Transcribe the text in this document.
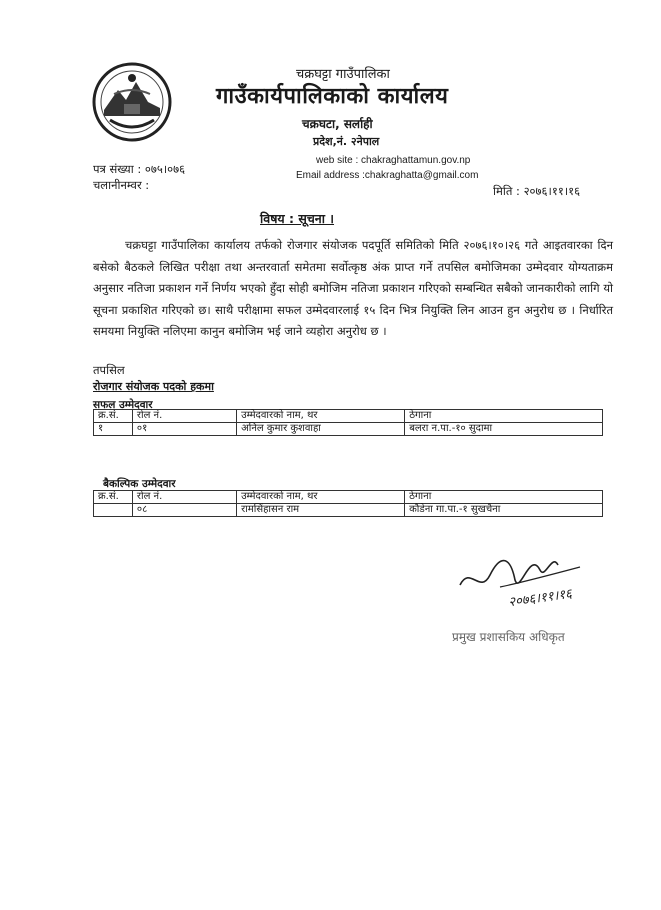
चक्रघट्टा गाउँपालिका
गाउँकार्यपालिकाको कार्यालय
चक्रघटा, सर्लाही
प्रदेश,नं. २नेपाल
web site : chakraghattamun.gov.np
Email address :chakraghatta@gmail.com
पत्र संख्या : ०७५।०७६
चलानीनम्वर :	मिति : २०७६।११।१६
विषय : सूचना ।

चक्रघट्टा गाउँपालिका कार्यालय तर्फको रोजगार संयोजक पदपूर्ति समितिको मिति २०७६।१०।२६ गते आइतवारका दिन बसेको बैठकले लिखित परीक्षा तथा अन्तरवार्ता समेतमा सर्वोत्कृष्ठ अंक प्राप्त गर्ने तपसिल बमोजिमका उम्मेदवार योग्यताक्रम अनुसार नतिजा प्रकाशन गर्ने निर्णय भएको हुँदा सोही बमोजिम नतिजा प्रकाशन गरिएको सम्बन्धित सबैको जानकारीको लागि यो सूचना प्रकाशित गरिएको छ। साथै परीक्षामा सफल उम्मेदवारलाई १५ दिन भित्र नियुक्ति लिन आउन हुन अनुरोध छ । निर्धारित समयमा नियुक्ति नलिएमा कानुन बमोजिम भई जाने व्यहोरा अनुरोध छ ।

तपसिल
रोजगार संयोजक पदको हकमा
सफल उम्मेदवार
क्र.सं.	रोल नं.	उम्मेदवारको नाम, थर	ठेगाना
१	०१	अनिल कुमार कुशवाहा	बलरा न.पा.-१० सुदामा
बैकल्पिक उम्मेदवार
क्र.सं.	रोल नं.	उम्मेदवारको नाम, थर	ठेगाना
	०८	रामसिंहासन राम	कौडेना गा.पा.-१ सुखचैना
२०७६।११।१६
प्रमुख प्रशासकिय अधिकृत
